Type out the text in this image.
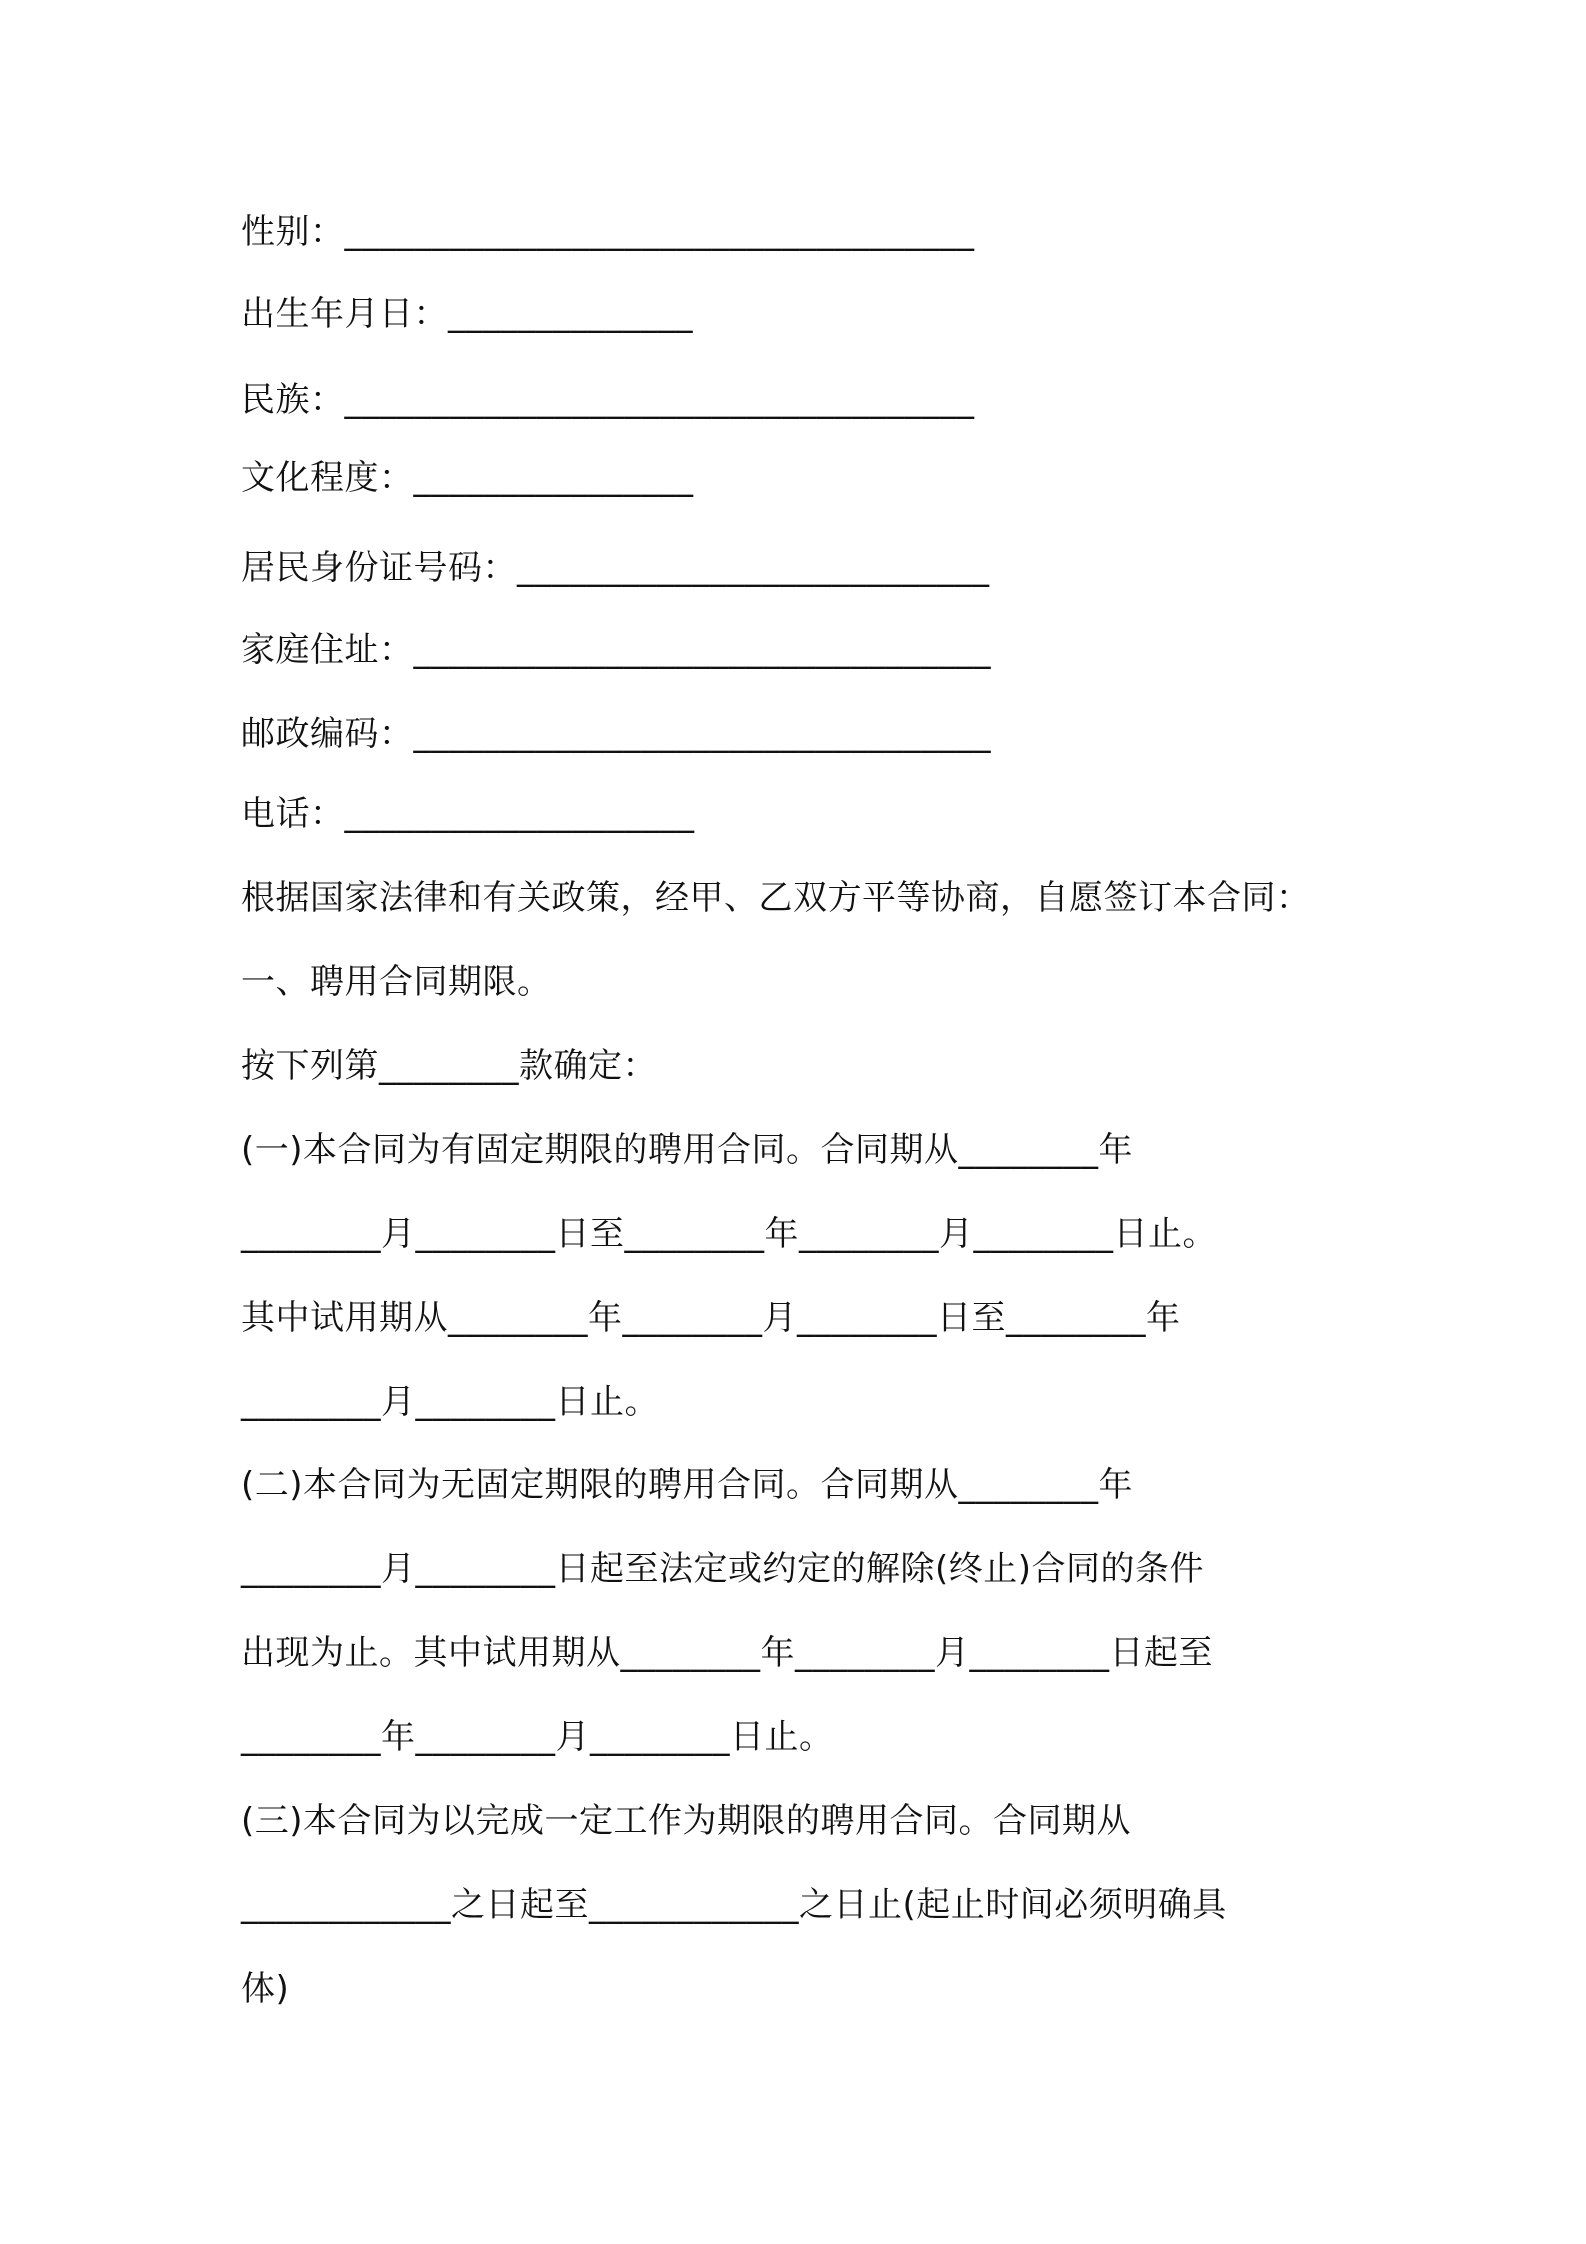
性别：____________________________________
出生年月日：______________
民族：____________________________________
文化程度：________________
居民身份证号码：___________________________
家庭住址：_________________________________
邮政编码：_________________________________
电话：____________________
根据国家法律和有关政策，经甲、乙双方平等协商，自愿签订本合同：
一、聘用合同期限。
按下列第________款确定：
(一)本合同为有固定期限的聘用合同。合同期从________年
________月________日至________年________月________日止。
其中试用期从________年________月________日至________年
________月________日止。
(二)本合同为无固定期限的聘用合同。合同期从________年
________月________日起至法定或约定的解除(终止)合同的条件
出现为止。其中试用期从________年________月________日起至
________年________月________日止。
(三)本合同为以完成一定工作为期限的聘用合同。合同期从
____________之日起至____________之日止(起止时间必须明确具
体)
